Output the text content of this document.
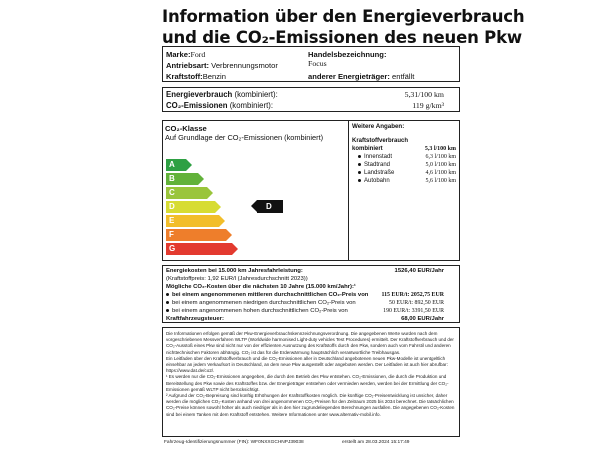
Information über den Energieverbrauch
und die CO₂-Emissionen des neuen Pkw
Marke:Ford
Antriebsart: Verbrennungsmotor
Kraftstoff:Benzin
Handelsbezeichnung:
Focus
anderer Energieträger: entfällt
Energieverbrauch (kombiniert):	5,31/100 km
CO₂-Emissionen (kombiniert):	119 g/km³
CO₂-Klasse
Auf Grundlage der CO₂-Emissionen (kombiniert)
A
B
C
D
E
F
G
D
Weitere Angaben:
Kraftstoffverbrauch
kombiniert	5,3 l/100 km
Innenstadt	6,3 l/100 km
Stadtrand	5,0 l/100 km
Landstraße	4,6 l/100 km
Autobahn	5,6 l/100 km
Energiekosten bei 15.000 km Jahresfahrleistung:	1526,40 EUR/Jahr
(Kraftstoffpreis: 1,92 EUR/l (Jahresdurchschnitt 2023))
Mögliche CO₂-Kosten über die nächsten 10 Jahre (15.000 km/Jahr):¹
bei einem angenommenen mittleren durchschnittlichen CO₂-Preis von 115 EUR/t: 2052,75 EUR
bei einem angenommenen niedrigen durchschnittlichen CO₂-Preis von	50 EUR/t: 892,50 EUR
bei einem angenommenen hohen durchschnittlichen CO₂-Preis von	190 EUR/t: 3391,50 EUR
Kraftfahrzeugsteuer:	68,00 EUR/Jahr

Die Informationen erfolgen gemäß der Pkw-Energieverbrauchskennzeichnungsverordnung. Die angegebenen Werte wurden nach dem vorgeschriebenen Messverfahren WLTP (Worldwide harmonised Light-duty vehicles Test Procedures) ermittelt. Der Kraftstoffverbrauch und der CO₂-Ausstoß eines Pkw sind nicht nur von der effizienten Ausnutzung des Kraftstoffs durch den Pkw, sondern auch vom Fahrstil und anderen nichttechnischen Faktoren abhängig. CO₂ ist das für die Erderwärmung hauptsächlich verantwortliche Treibhausgas.

Ein Leitfaden über den Kraftstoffverbrauch und die CO₂-Emissionen aller in Deutschland angebotenen neuen Pkw-Modelle ist unentgeltlich einsehbar an jedem Verkaufsort in Deutschland, an dem neue Pkw ausgestellt oder angeboten werden. Der Leitfaden ist auch hier abrufbar: https://www.dat.de/co2/.

¹ Es werden nur die CO₂-Emissionen angegeben, die durch den Betrieb des Pkw entstehen. CO₂-Emissionen, die durch die Produktion und Bereitstellung des Pkw sowie des Kraftstoffes bzw. der Energieträger entstehen oder vermieden werden, werden bei der Ermittlung der CO₂-Emissionen gemäß WLTP nicht berücksichtigt.

² Aufgrund der CO₂-Bepreisung sind künftig Erhöhungen der Kraftstoffkosten möglich. Die künftige CO₂-Preisentwicklung ist unsicher, daher werden die möglichen CO₂-Kosten anhand von drei angenommenen CO₂-Preisen für den Zeitraum 2025 bis 2034 berechnet. Die tatsächlichen CO₂-Preise können sowohl höher als auch niedriger als in den hier zugrundeliegenden Berechnungen ausfallen. Die angegebenen CO₂-Kosten sind bei einem Tanken mit dem Kraftstoff entstehen. Weitere Informationen unter www.alternativ-mobil.info.

Fahrzeug-Identifizierungsnummer (FIN): WF0NXXGCHNPJ39038	erstellt am 28.03.2024 15:17:49
